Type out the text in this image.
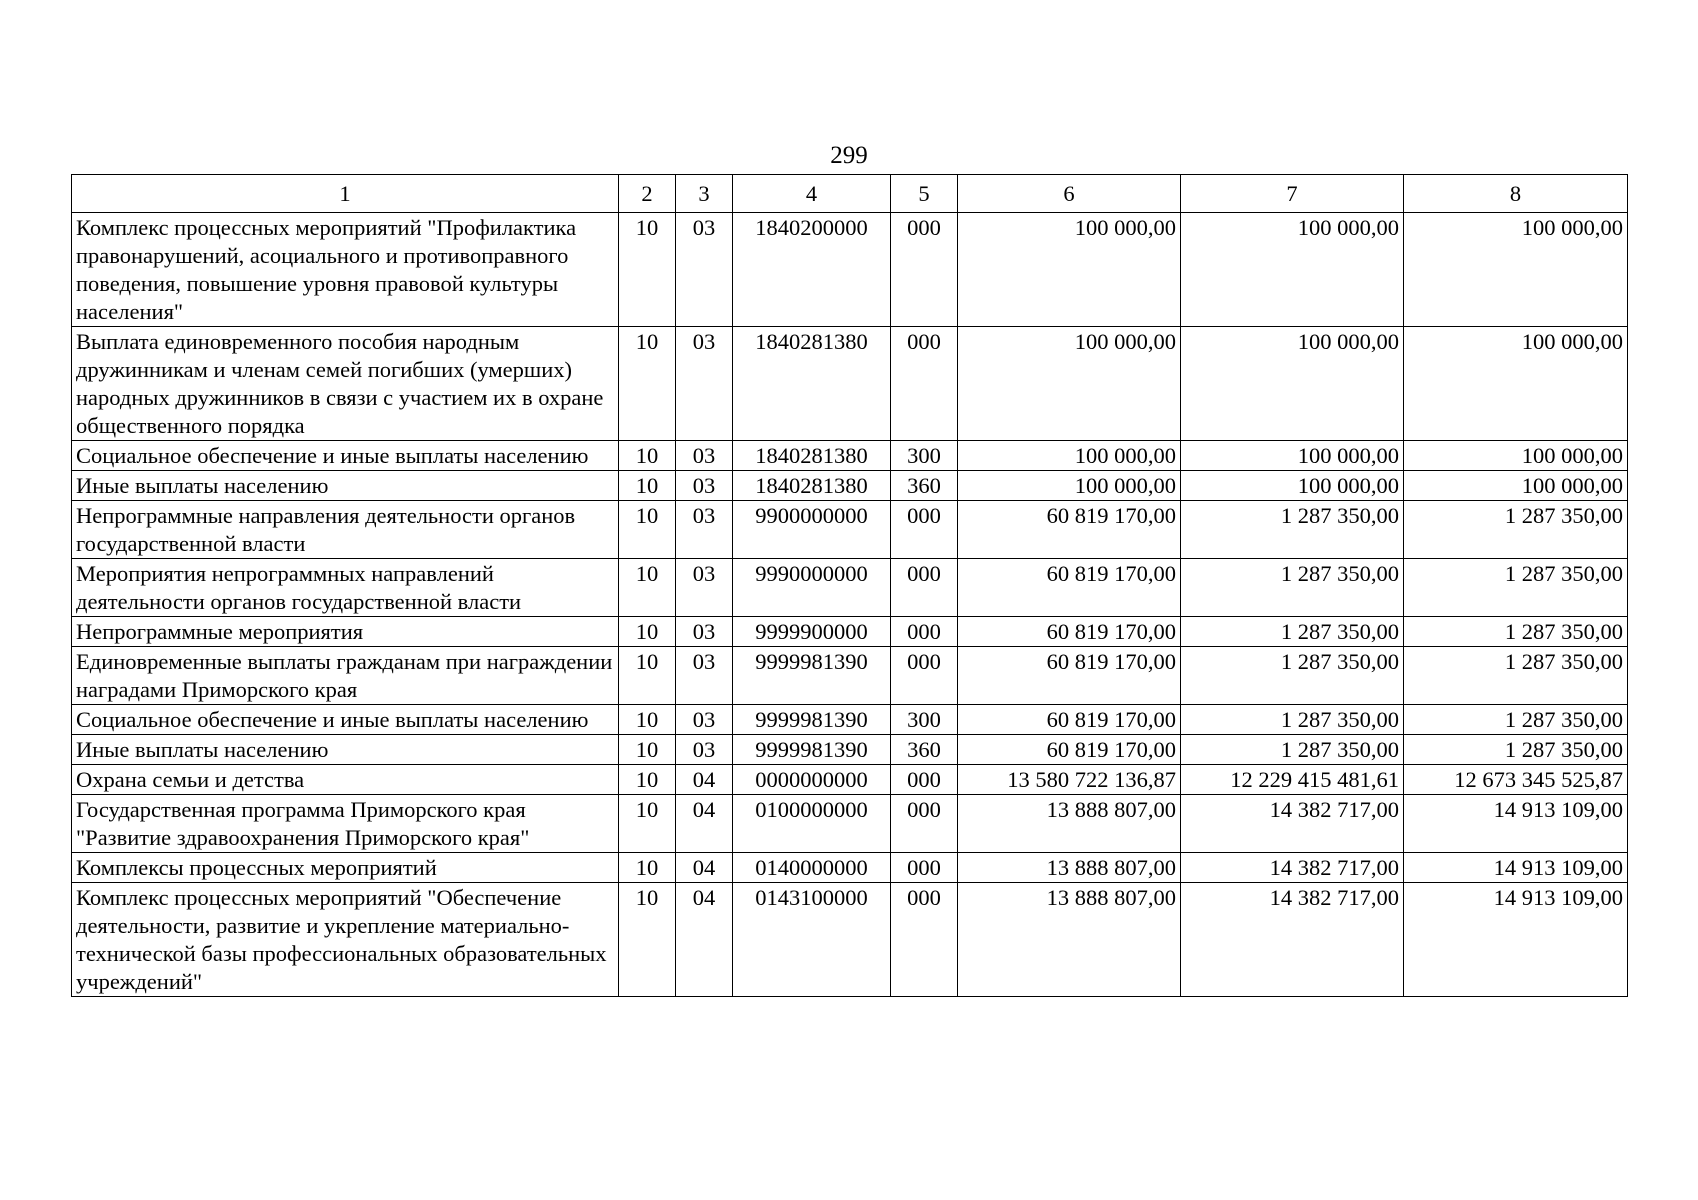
299
1	2	3	4	5	6	7	8
Комплекс процессных мероприятий "Профилактика правонарушений, асоциального и противоправного поведения, повышение уровня правовой культуры населения"	10	03	1840200000	000	100 000,00	100 000,00	100 000,00
Выплата единовременного пособия народным дружинникам и членам семей погибших (умерших) народных дружинников в связи с участием их в охране общественного порядка	10	03	1840281380	000	100 000,00	100 000,00	100 000,00
Социальное обеспечение и иные выплаты населению	10	03	1840281380	300	100 000,00	100 000,00	100 000,00
Иные выплаты населению	10	03	1840281380	360	100 000,00	100 000,00	100 000,00
Непрограммные направления деятельности органов государственной власти	10	03	9900000000	000	60 819 170,00	1 287 350,00	1 287 350,00
Мероприятия непрограммных направлений деятельности органов государственной власти	10	03	9990000000	000	60 819 170,00	1 287 350,00	1 287 350,00
Непрограммные мероприятия	10	03	9999900000	000	60 819 170,00	1 287 350,00	1 287 350,00
Единовременные выплаты гражданам при награждении наградами Приморского края	10	03	9999981390	000	60 819 170,00	1 287 350,00	1 287 350,00
Социальное обеспечение и иные выплаты населению	10	03	9999981390	300	60 819 170,00	1 287 350,00	1 287 350,00
Иные выплаты населению	10	03	9999981390	360	60 819 170,00	1 287 350,00	1 287 350,00
Охрана семьи и детства	10	04	0000000000	000	13 580 722 136,87	12 229 415 481,61	12 673 345 525,87
Государственная программа Приморского края "Развитие здравоохранения Приморского края"	10	04	0100000000	000	13 888 807,00	14 382 717,00	14 913 109,00
Комплексы процессных мероприятий	10	04	0140000000	000	13 888 807,00	14 382 717,00	14 913 109,00
Комплекс процессных мероприятий "Обеспечение деятельности, развитие и укрепление материально-технической базы профессиональных образовательных учреждений"	10	04	0143100000	000	13 888 807,00	14 382 717,00	14 913 109,00
